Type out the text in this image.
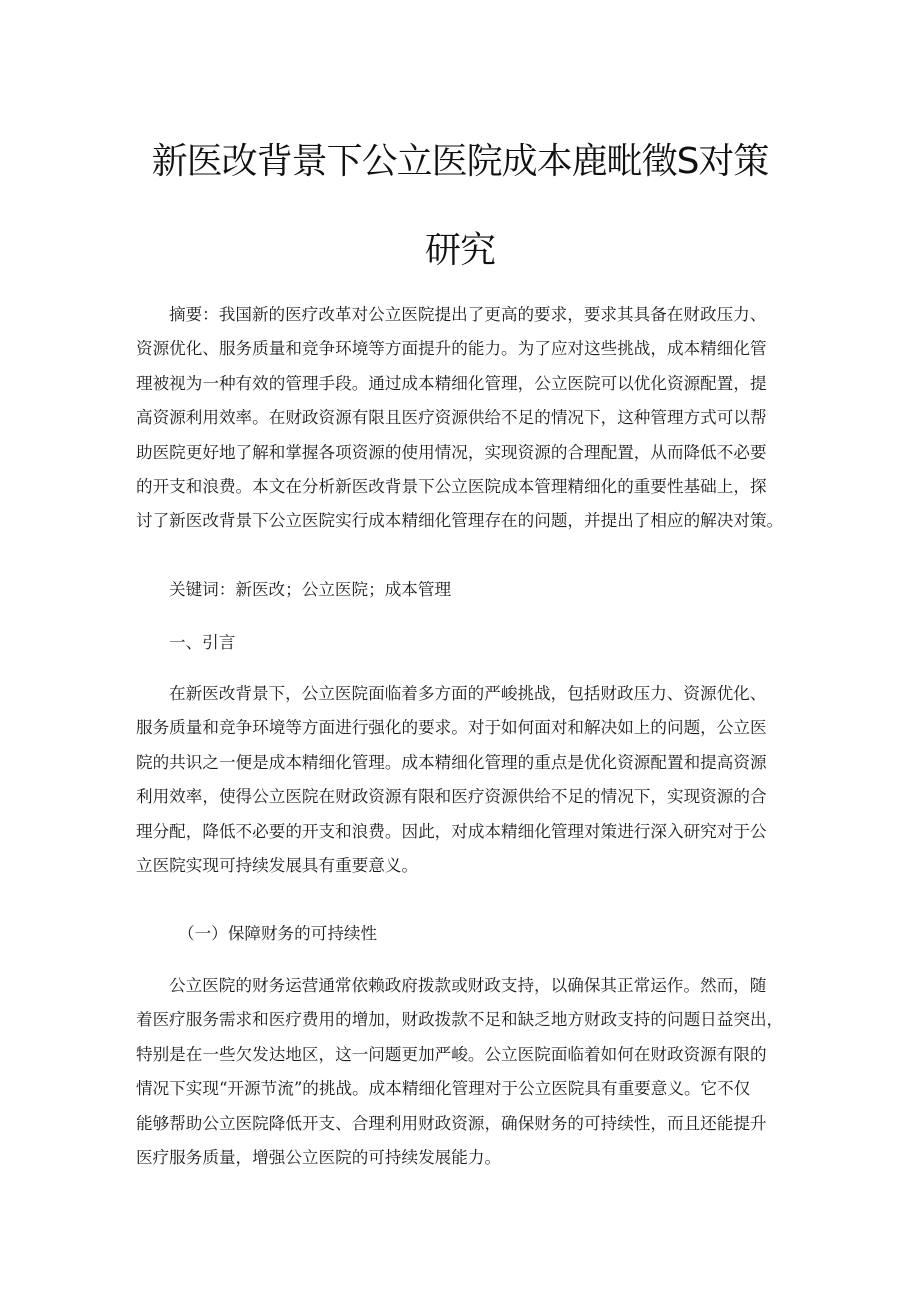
新医改背景下公立医院成本鹿毗徵S对策
研究
摘要：我国新的医疗改革对公立医院提出了更高的要求，要求其具备在财政压力、
资源优化、服务质量和竞争环境等方面提升的能力。为了应对这些挑战，成本精细化管
理被视为一种有效的管理手段。通过成本精细化管理，公立医院可以优化资源配置，提
高资源利用效率。在财政资源有限且医疗资源供给不足的情况下，这种管理方式可以帮
助医院更好地了解和掌握各项资源的使用情况，实现资源的合理配置，从而降低不必要
的开支和浪费。本文在分析新医改背景下公立医院成本管理精细化的重要性基础上，探
讨了新医改背景下公立医院实行成本精细化管理存在的问题，并提出了相应的解决对策。
关键词：新医改；公立医院；成本管理
一、引言
在新医改背景下，公立医院面临着多方面的严峻挑战，包括财政压力、资源优化、
服务质量和竞争环境等方面进行强化的要求。对于如何面对和解决如上的问题，公立医
院的共识之一便是成本精细化管理。成本精细化管理的重点是优化资源配置和提高资源
利用效率，使得公立医院在财政资源有限和医疗资源供给不足的情况下，实现资源的合
理分配，降低不必要的开支和浪费。因此，对成本精细化管理对策进行深入研究对于公
立医院实现可持续发展具有重要意义。
（一）保障财务的可持续性
公立医院的财务运营通常依赖政府拨款或财政支持，以确保其正常运作。然而，随
着医疗服务需求和医疗费用的增加，财政拨款不足和缺乏地方财政支持的问题日益突出，
特别是在一些欠发达地区，这一问题更加严峻。公立医院面临着如何在财政资源有限的
情况下实现“开源节流”的挑战。成本精细化管理对于公立医院具有重要意义。它不仅
能够帮助公立医院降低开支、合理利用财政资源，确保财务的可持续性，而且还能提升
医疗服务质量，增强公立医院的可持续发展能力。
